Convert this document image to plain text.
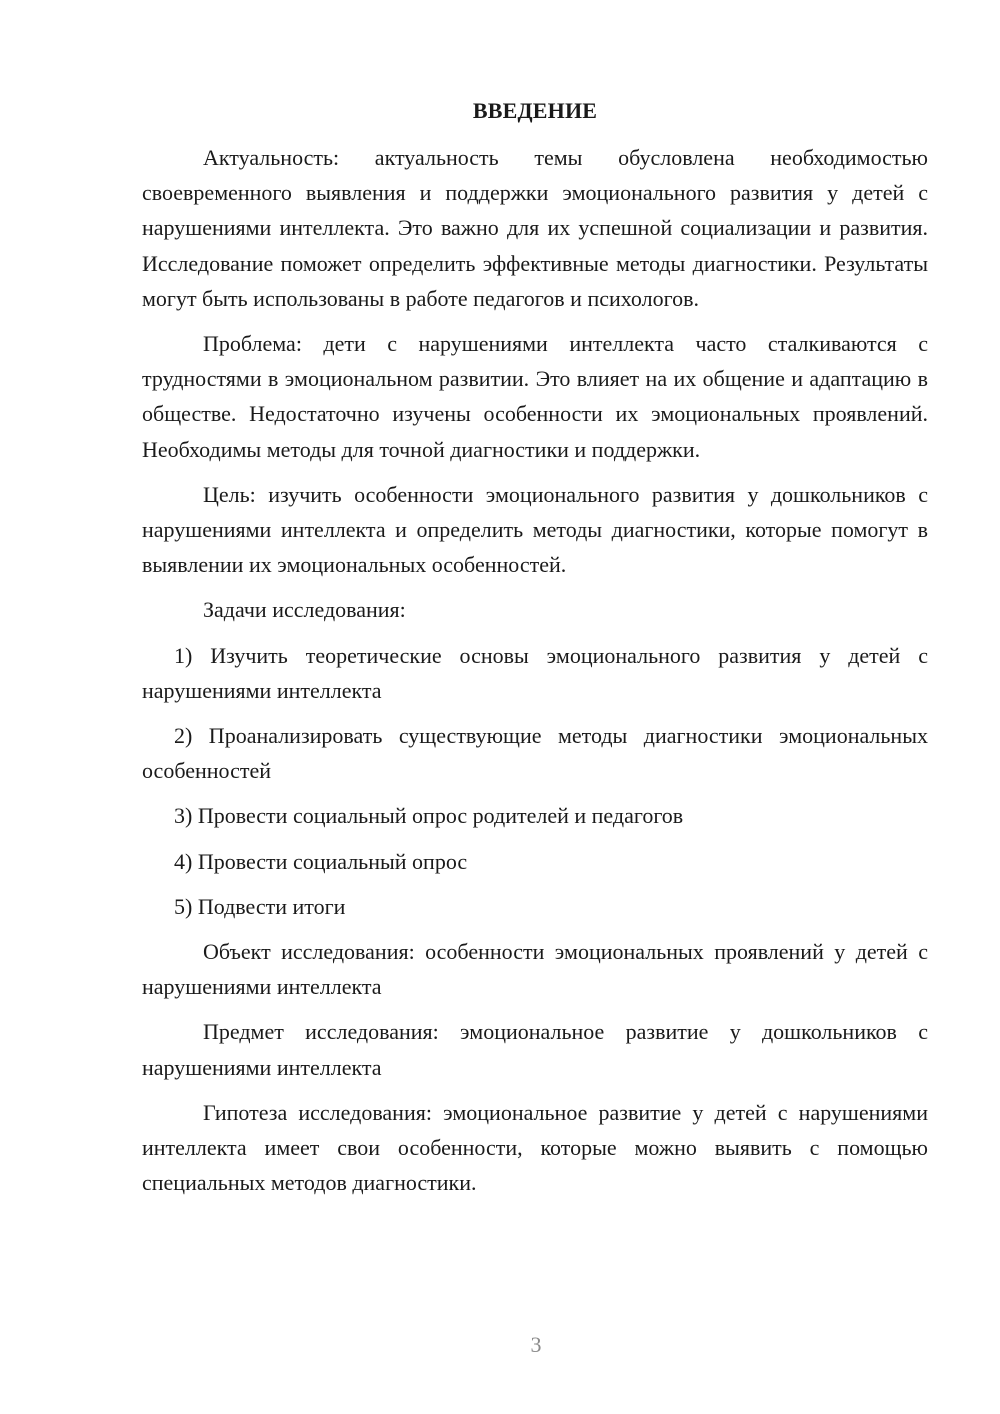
ВВЕДЕНИЕ

Актуальность: актуальность темы обусловлена необходимостью своевременного выявления и поддержки эмоционального развития у детей с нарушениями интеллекта. Это важно для их успешной социализации и развития. Исследование поможет определить эффективные методы диагностики. Результаты могут быть использованы в работе педагогов и психологов.

Проблема: дети с нарушениями интеллекта часто сталкиваются с трудностями в эмоциональном развитии. Это влияет на их общение и адаптацию в обществе. Недостаточно изучены особенности их эмоциональных проявлений. Необходимы методы для точной диагностики и поддержки.

Цель: изучить особенности эмоционального развития у дошкольников с нарушениями интеллекта и определить методы диагностики, которые помогут в выявлении их эмоциональных особенностей.

Задачи исследования:

1) Изучить теоретические основы эмоционального развития у детей с нарушениями интеллекта

2) Проанализировать существующие методы диагностики эмоциональных особенностей

3) Провести социальный опрос родителей и педагогов

4) Провести социальный опрос

5) Подвести итоги

Объект исследования: особенности эмоциональных проявлений у детей с нарушениями интеллекта

Предмет исследования: эмоциональное развитие у дошкольников с нарушениями интеллекта

Гипотеза исследования: эмоциональное развитие у детей с нарушениями интеллекта имеет свои особенности, которые можно выявить с помощью специальных методов диагностики.

3
